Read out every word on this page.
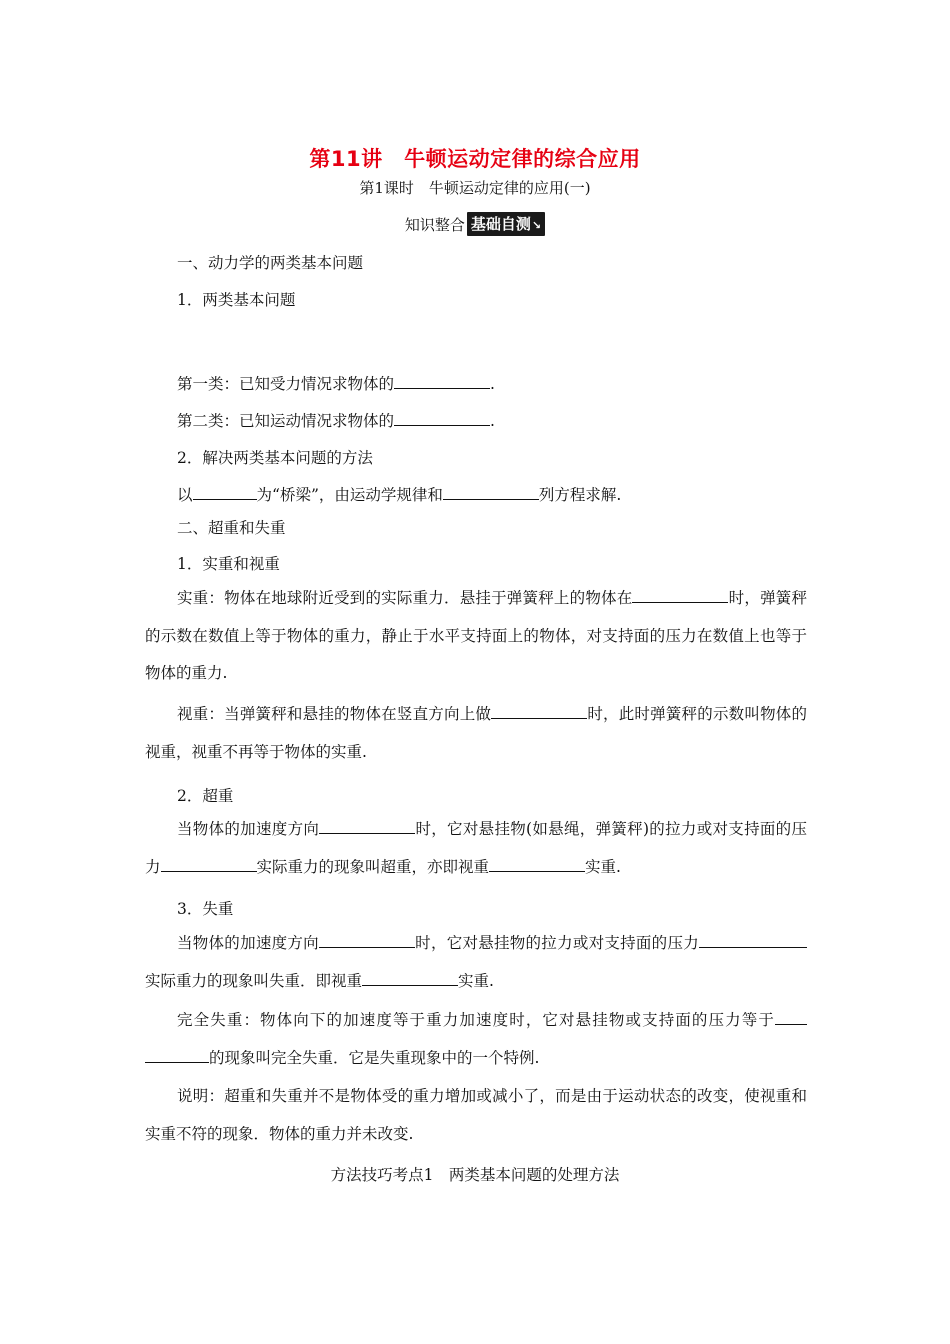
第11讲　牛顿运动定律的综合应用
第1课时　牛顿运动定律的应用(一)
知识整合 基础自测↘
一、动力学的两类基本问题
1．两类基本问题
第一类：已知受力情况求物体的	.
第二类：已知运动情况求物体的	.
2．解决两类基本问题的方法
以	为“桥梁”，由运动学规律和	列方程求解.
二、超重和失重
1．实重和视重
实重：物体在地球附近受到的实际重力．悬挂于弹簧秤上的物体在	时，弹簧秤的示数在数值上等于物体的重力，静止于水平支持面上的物体，对支持面的压力在数值上也等于物体的重力.
视重：当弹簧秤和悬挂的物体在竖直方向上做	时，此时弹簧秤的示数叫物体的视重，视重不再等于物体的实重.
2．超重
当物体的加速度方向	时，它对悬挂物(如悬绳，弹簧秤)的拉力或对支持面的压力	实际重力的现象叫超重，亦即视重	实重.
3．失重
当物体的加速度方向	时，它对悬挂物的拉力或对支持面的压力实际重力的现象叫失重．即视重	实重.
完全失重：物体向下的加速度等于重力加速度时，它对悬挂物或支持面的压力等于的现象叫完全失重．它是失重现象中的一个特例.
说明：超重和失重并不是物体受的重力增加或减小了，而是由于运动状态的改变，使视重和实重不符的现象．物体的重力并未改变.
方法技巧考点1　两类基本问题的处理方法
